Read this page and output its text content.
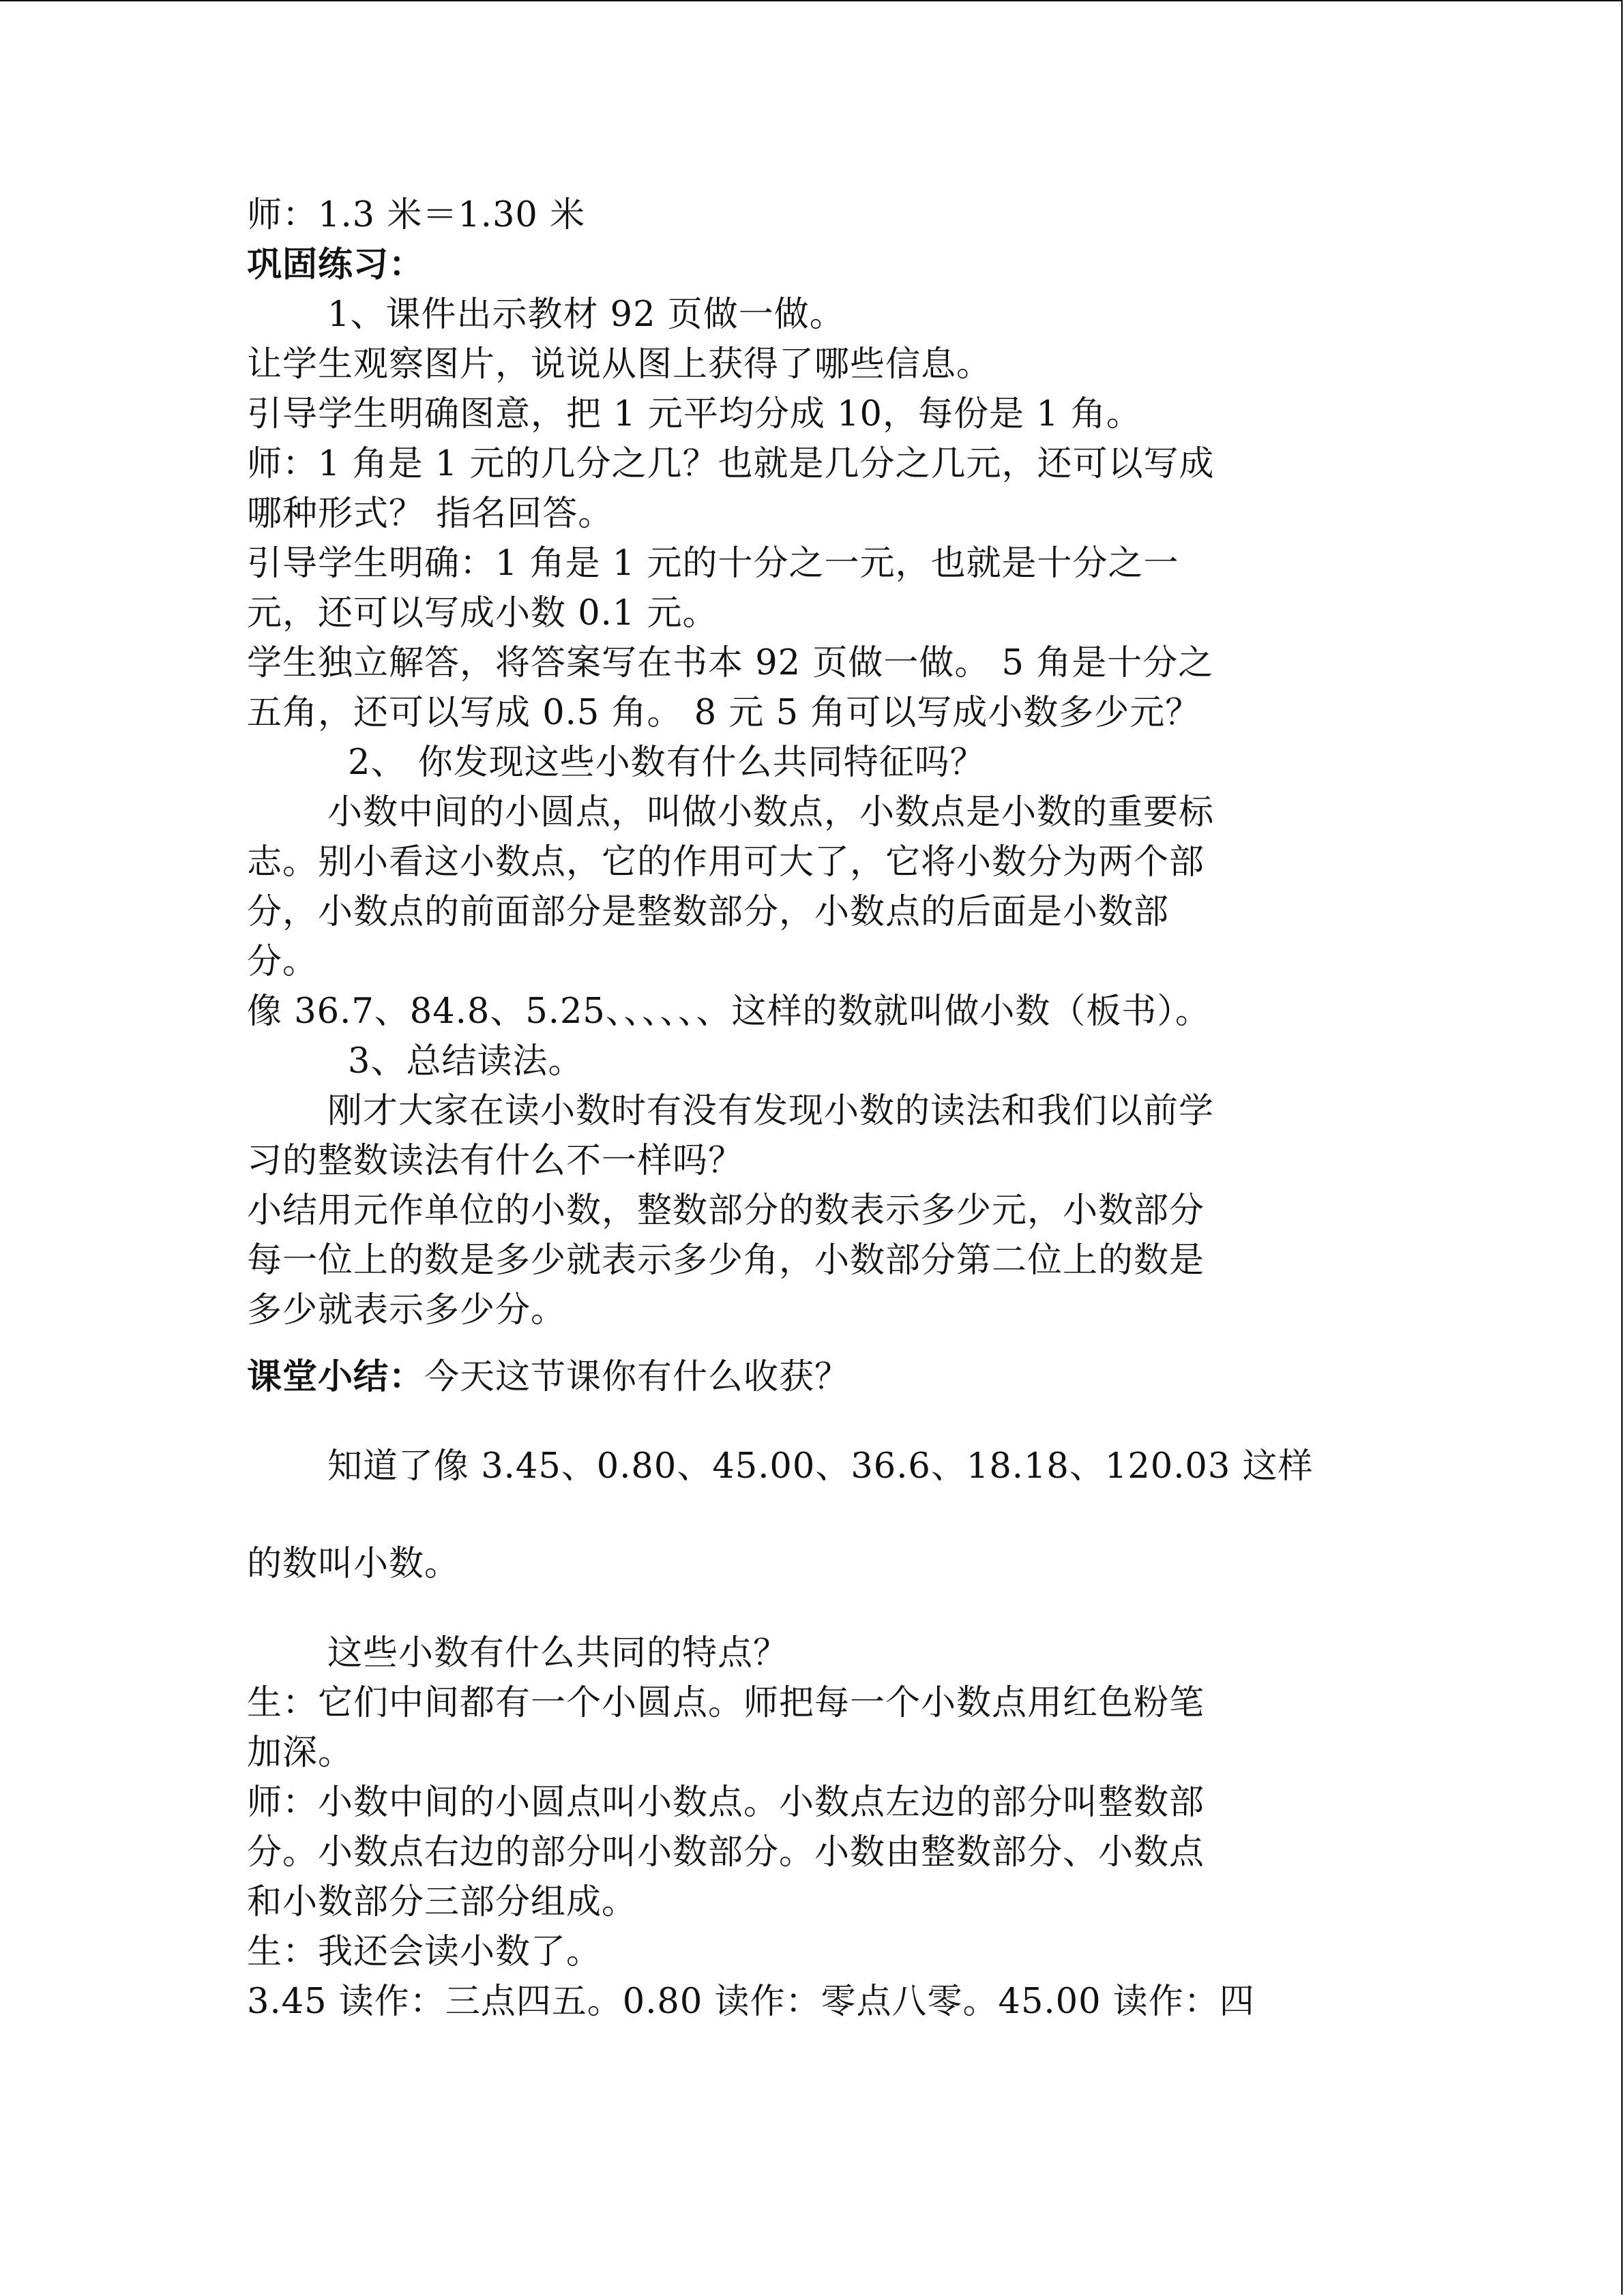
师：1.3 米＝1.30 米
巩固练习：
1、课件出示教材 92 页做一做。
让学生观察图片，说说从图上获得了哪些信息。
引导学生明确图意，把 1 元平均分成 10，每份是 1 角。
师：1 角是 1 元的几分之几？也就是几分之几元，还可以写成
哪种形式？ 指名回答。
引导学生明确：1 角是 1 元的十分之一元，也就是十分之一
元，还可以写成小数 0.1 元。
学生独立解答，将答案写在书本 92 页做一做。 5 角是十分之
五角，还可以写成 0.5 角。 8 元 5 角可以写成小数多少元？
2、 你发现这些小数有什么共同特征吗？
小数中间的小圆点，叫做小数点，小数点是小数的重要标
志。别小看这小数点，它的作用可大了，它将小数分为两个部
分，小数点的前面部分是整数部分，小数点的后面是小数部
分。
像 36.7、84.8、5.25、、、、、、这样的数就叫做小数（板书）。
3、总结读法。
刚才大家在读小数时有没有发现小数的读法和我们以前学
习的整数读法有什么不一样吗？
小结用元作单位的小数，整数部分的数表示多少元，小数部分
每一位上的数是多少就表示多少角，小数部分第二位上的数是
多少就表示多少分。
课堂小结：今天这节课你有什么收获？
知道了像 3.45、0.80、45.00、36.6、18.18、120.03 这样
的数叫小数。
这些小数有什么共同的特点？
生：它们中间都有一个小圆点。师把每一个小数点用红色粉笔
加深。
师：小数中间的小圆点叫小数点。小数点左边的部分叫整数部
分。小数点右边的部分叫小数部分。小数由整数部分、小数点
和小数部分三部分组成。
生：我还会读小数了。
3.45 读作：三点四五。0.80 读作：零点八零。45.00 读作：四
